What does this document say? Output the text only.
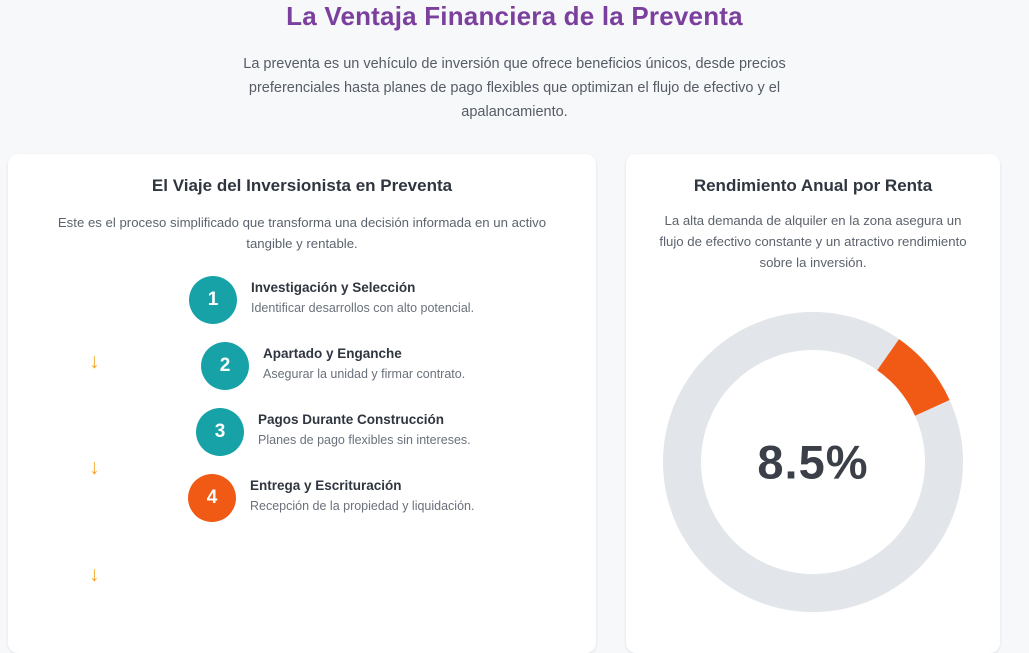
La Ventaja Financiera de la Preventa

La preventa es un vehículo de inversión que ofrece beneficios únicos, desde precios preferenciales hasta planes de pago flexibles que optimizan el flujo de efectivo y el apalancamiento.

El Viaje del Inversionista en Preventa

Este es el proceso simplificado que transforma una decisión informada en un activo tangible y rentable.

↓
↓
↓
1

Investigación y Selección

Identificar desarrollos con alto potencial.

2

Apartado y Enganche

Asegurar la unidad y firmar contrato.

3

Pagos Durante Construcción

Planes de pago flexibles sin intereses.

4

Entrega y Escrituración

Recepción de la propiedad y liquidación.

Rendimiento Anual por Renta

La alta demanda de alquiler en la zona asegura un flujo de efectivo constante y un atractivo rendimiento sobre la inversión.

8.5%
